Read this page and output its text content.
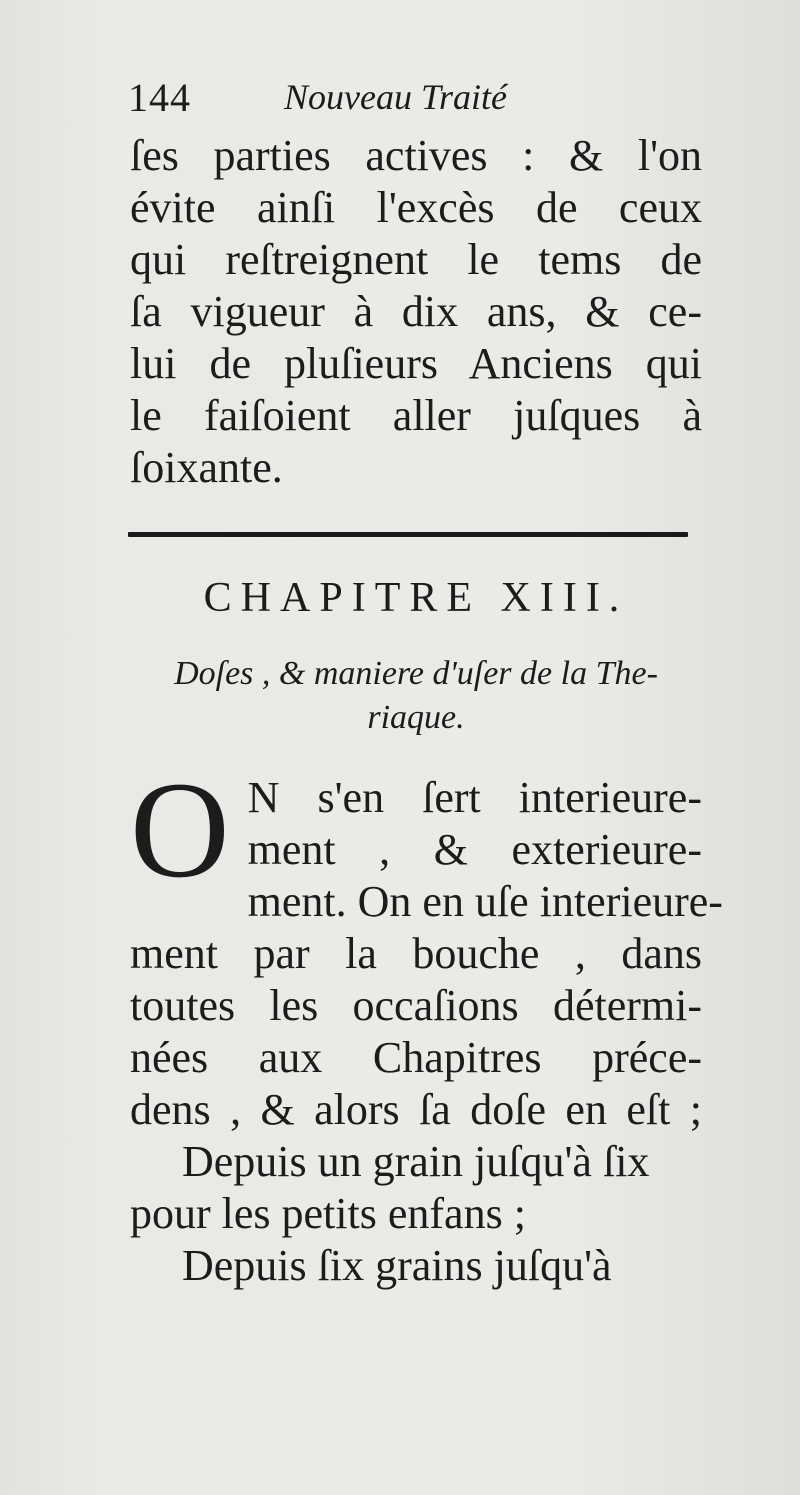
144	Nouveau Traité
ſes parties actives : & l'on
évite ainſi l'excès de ceux
qui reſtreignent le tems de
ſa vigueur à dix ans, & ce-
lui de pluſieurs Anciens qui
le faiſoient aller juſques à
ſoixante.
CHAPITRE XIII.
Doſes , & maniere d'uſer de la The-
riaque.
O N s'en ſert interieure-
ment , & exterieure-
ment. On en uſe interieure-
ment par la bouche , dans
toutes les occaſions détermi-
nées aux Chapitres préce-
dens , & alors ſa doſe en eſt ;
Depuis un grain juſqu'à ſix
pour les petits enfans ;
Depuis ſix grains juſqu'à
